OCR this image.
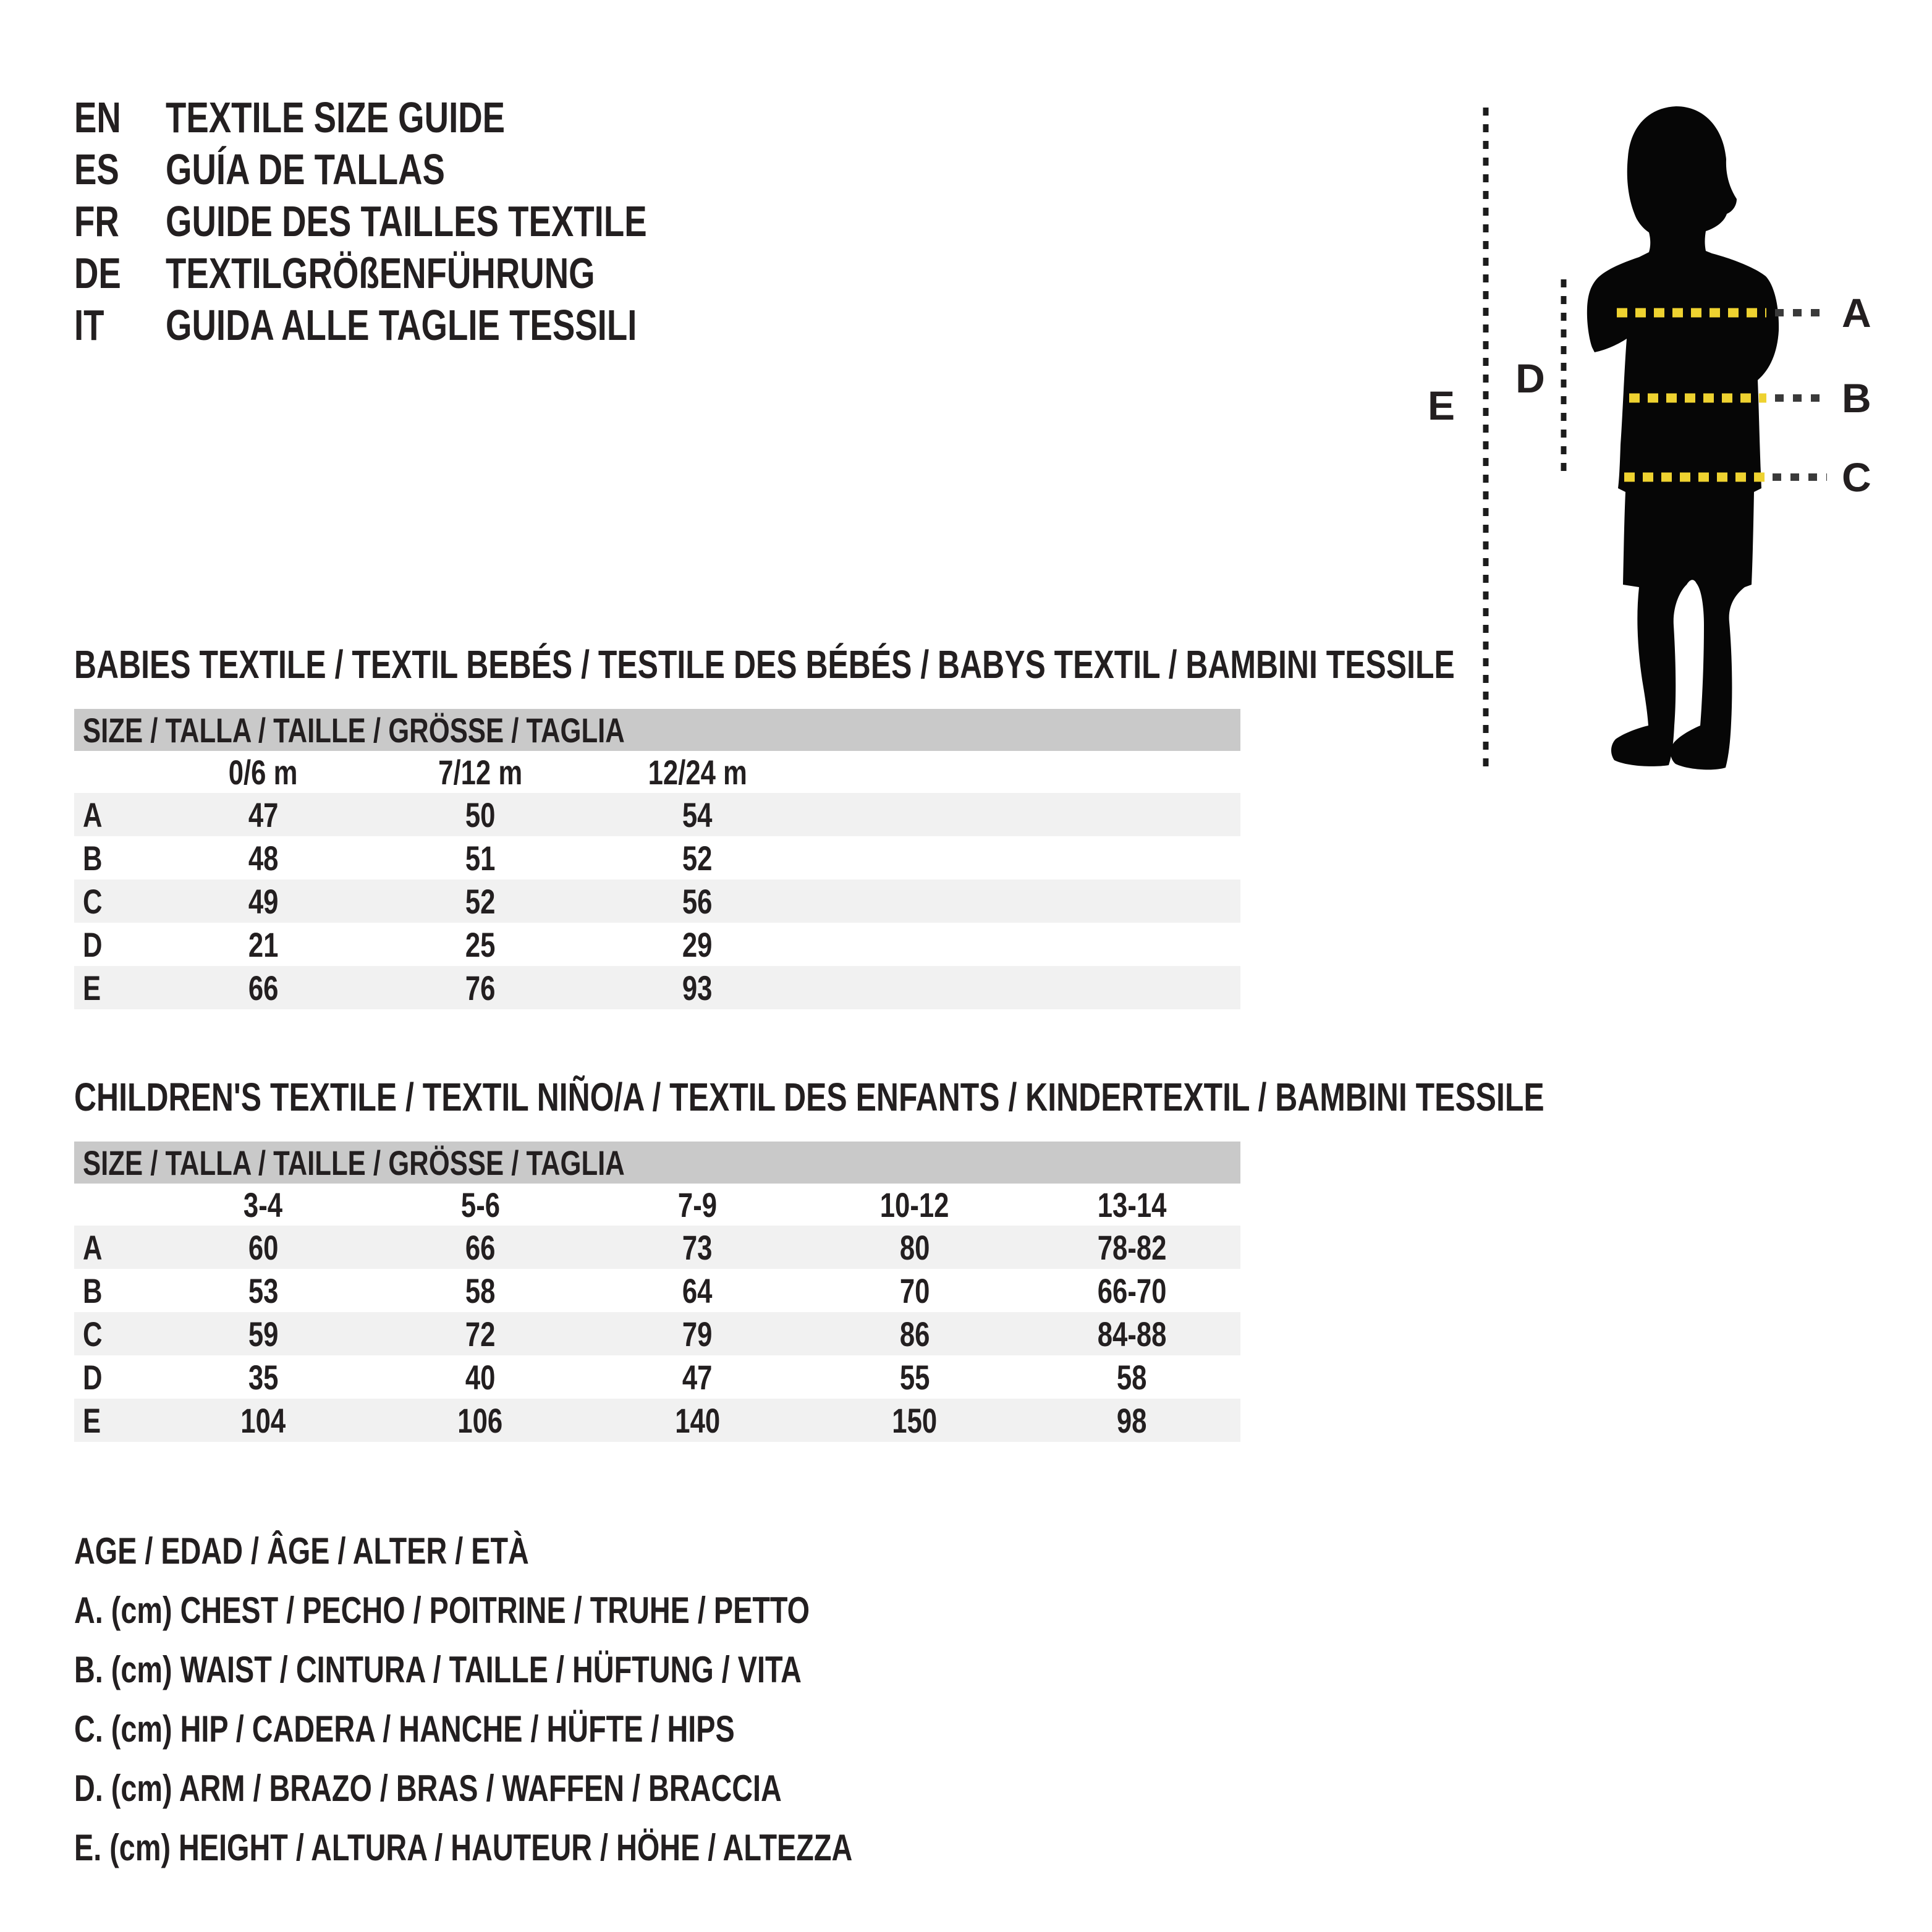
EN TEXTILE SIZE GUIDE
ES GUÍA DE TALLAS
FR GUIDE DES TAILLES TEXTILE
DE TEXTILGRÖßENFÜHRUNG
IT GUIDA ALLE TAGLIE TESSILI	A
B
C
D
E
BABIES TEXTILE / TEXTIL BEBÉS / TESTILE DES BÉBÉS / BABYS TEXTIL / BAMBINI TESSILE
SIZE / TALLA / TAILLE / GRÖSSE / TAGLIA
0/6 m	7/12 m	12/24 m
A	47	50	54
B	48	51	52
C	49	52	56
D	21	25	29
E	66	76	93
CHILDREN'S TEXTILE / TEXTIL NIÑO/A / TEXTIL DES ENFANTS / KINDERTEXTIL / BAMBINI TESSILE
SIZE / TALLA / TAILLE / GRÖSSE / TAGLIA
3-4	5-6	7-9	10-12	13-14
A	60	66	73	80	78-82
B	53	58	64	70	66-70
C	59	72	79	86	84-88
D	35	40	47	55	58
E	104	106	140	150	98
AGE / EDAD / ÂGE / ALTER / ETÀ
A. (cm) CHEST / PECHO / POITRINE / TRUHE / PETTO
B. (cm) WAIST / CINTURA / TAILLE / HÜFTUNG / VITA
C. (cm) HIP / CADERA / HANCHE / HÜFTE / HIPS
D. (cm) ARM / BRAZO / BRAS / WAFFEN / BRACCIA
E. (cm) HEIGHT / ALTURA / HAUTEUR / HÖHE / ALTEZZA
